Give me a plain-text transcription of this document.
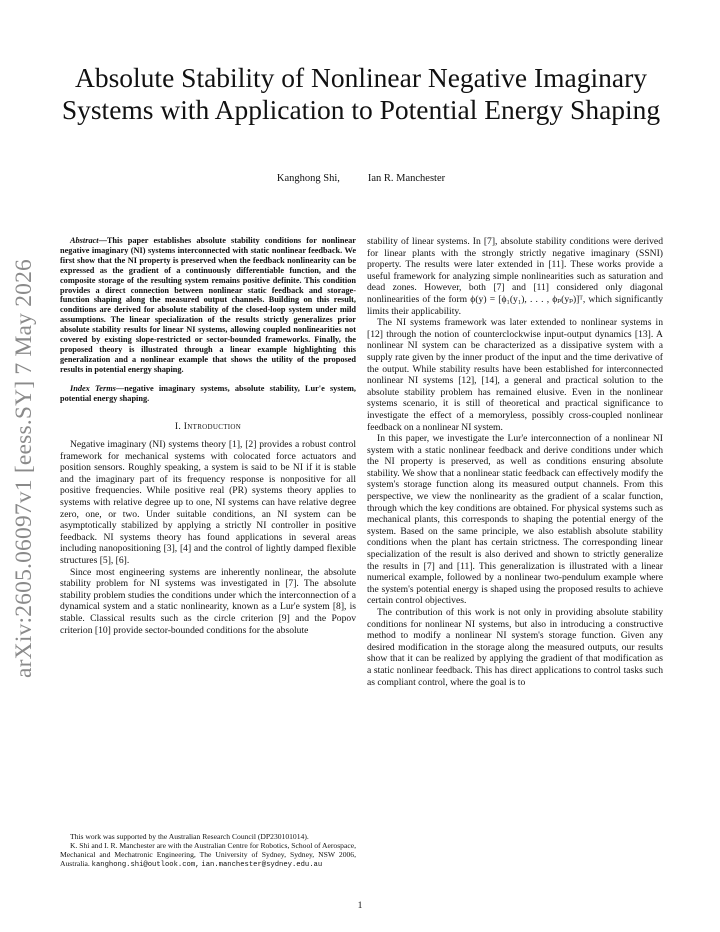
arXiv:2605.06097v1 [eess.SY] 7 May 2026
Absolute Stability of Nonlinear Negative Imaginary Systems with Application to Potential Energy Shaping
Kanghong Shi,	Ian R. Manchester

Abstract—This paper establishes absolute stability conditions for nonlinear negative imaginary (NI) systems interconnected with static nonlinear feedback. We first show that the NI property is preserved when the feedback nonlinearity can be expressed as the gradient of a continuously differentiable function, and the composite storage of the resulting system remains positive definite. This condition provides a direct connection between nonlinear static feedback and storage-function shaping along the measured output channels. Building on this result, conditions are derived for absolute stability of the closed-loop system under mild assumptions. The linear specialization of the results strictly generalizes prior absolute stability results for linear NI systems, allowing coupled nonlinearities not covered by existing slope-restricted or sector-bounded frameworks. Finally, the proposed theory is illustrated through a linear example highlighting this generalization and a nonlinear example that shows the utility of the proposed results in potential energy shaping.

Index Terms—negative imaginary systems, absolute stability, Lur'e system, potential energy shaping.

I. Introduction

Negative imaginary (NI) systems theory [1], [2] provides a robust control framework for mechanical systems with colocated force actuators and position sensors. Roughly speaking, a system is said to be NI if it is stable and the imaginary part of its frequency response is nonpositive for all positive frequencies. While positive real (PR) systems theory applies to systems with relative degree up to one, NI systems can have relative degree zero, one, or two. Under suitable conditions, an NI system can be asymptotically stabilized by applying a strictly NI controller in positive feedback. NI systems theory has found applications in several areas including nanopositioning [3], [4] and the control of lightly damped flexible structures [5], [6].

Since most engineering systems are inherently nonlinear, the absolute stability problem for NI systems was investigated in [7]. The absolute stability problem studies the conditions under which the interconnection of a dynamical system and a static nonlinearity, known as a Lur'e system [8], is stable. Classical results such as the circle criterion [9] and the Popov criterion [10] provide sector-bounded conditions for the absolute

stability of linear systems. In [7], absolute stability conditions were derived for linear plants with the strongly strictly negative imaginary (SSNI) property. The results were later extended in [11]. These works provide a useful framework for analyzing simple nonlinearities such as saturation and dead zones. However, both [7] and [11] considered only diagonal nonlinearities of the form ϕ(y) = [ϕ₁(y₁), . . . , ϕₚ(yₚ)]ᵀ, which significantly limits their applicability.

The NI systems framework was later extended to nonlinear systems in [12] through the notion of counterclockwise input-output dynamics [13]. A nonlinear NI system can be characterized as a dissipative system with a supply rate given by the inner product of the input and the time derivative of the output. While stability results have been established for interconnected nonlinear NI systems [12], [14], a general and practical solution to the absolute stability problem has remained elusive. Even in the nonlinear systems scenario, it is still of theoretical and practical significance to investigate the effect of a memoryless, possibly cross-coupled nonlinear feedback on a nonlinear NI system.

In this paper, we investigate the Lur'e interconnection of a nonlinear NI system with a static nonlinear feedback and derive conditions under which the NI property is preserved, as well as conditions ensuring absolute stability. We show that a nonlinear static feedback can effectively modify the system's storage function along its measured output channels. From this perspective, we view the nonlinearity as the gradient of a scalar function, through which the key conditions are obtained. For physical systems such as mechanical plants, this corresponds to shaping the potential energy of the system. Based on the same principle, we also establish absolute stability conditions when the plant has certain strictness. The corresponding linear specialization of the result is also derived and shown to strictly generalize the results in [7] and [11]. This generalization is illustrated with a linear numerical example, followed by a nonlinear two-pendulum example where the system's potential energy is shaped using the proposed results to achieve certain control objectives.

The contribution of this work is not only in providing absolute stability conditions for nonlinear NI systems, but also in introducing a constructive method to modify a nonlinear NI system's storage function. Given any desired modification in the storage along the measured outputs, our results show that it can be realized by applying the gradient of that modification as a static nonlinear feedback. This has direct applications to control tasks such as compliant control, where the goal is to

This work was supported by the Australian Research Council (DP230101014).

K. Shi and I. R. Manchester are with the Australian Centre for Robotics, School of Aerospace, Mechanical and Mechatronic Engineering, The University of Sydney, Sydney, NSW 2006, Australia. kanghong.shi@outlook.com, ian.manchester@sydney.edu.au

1
